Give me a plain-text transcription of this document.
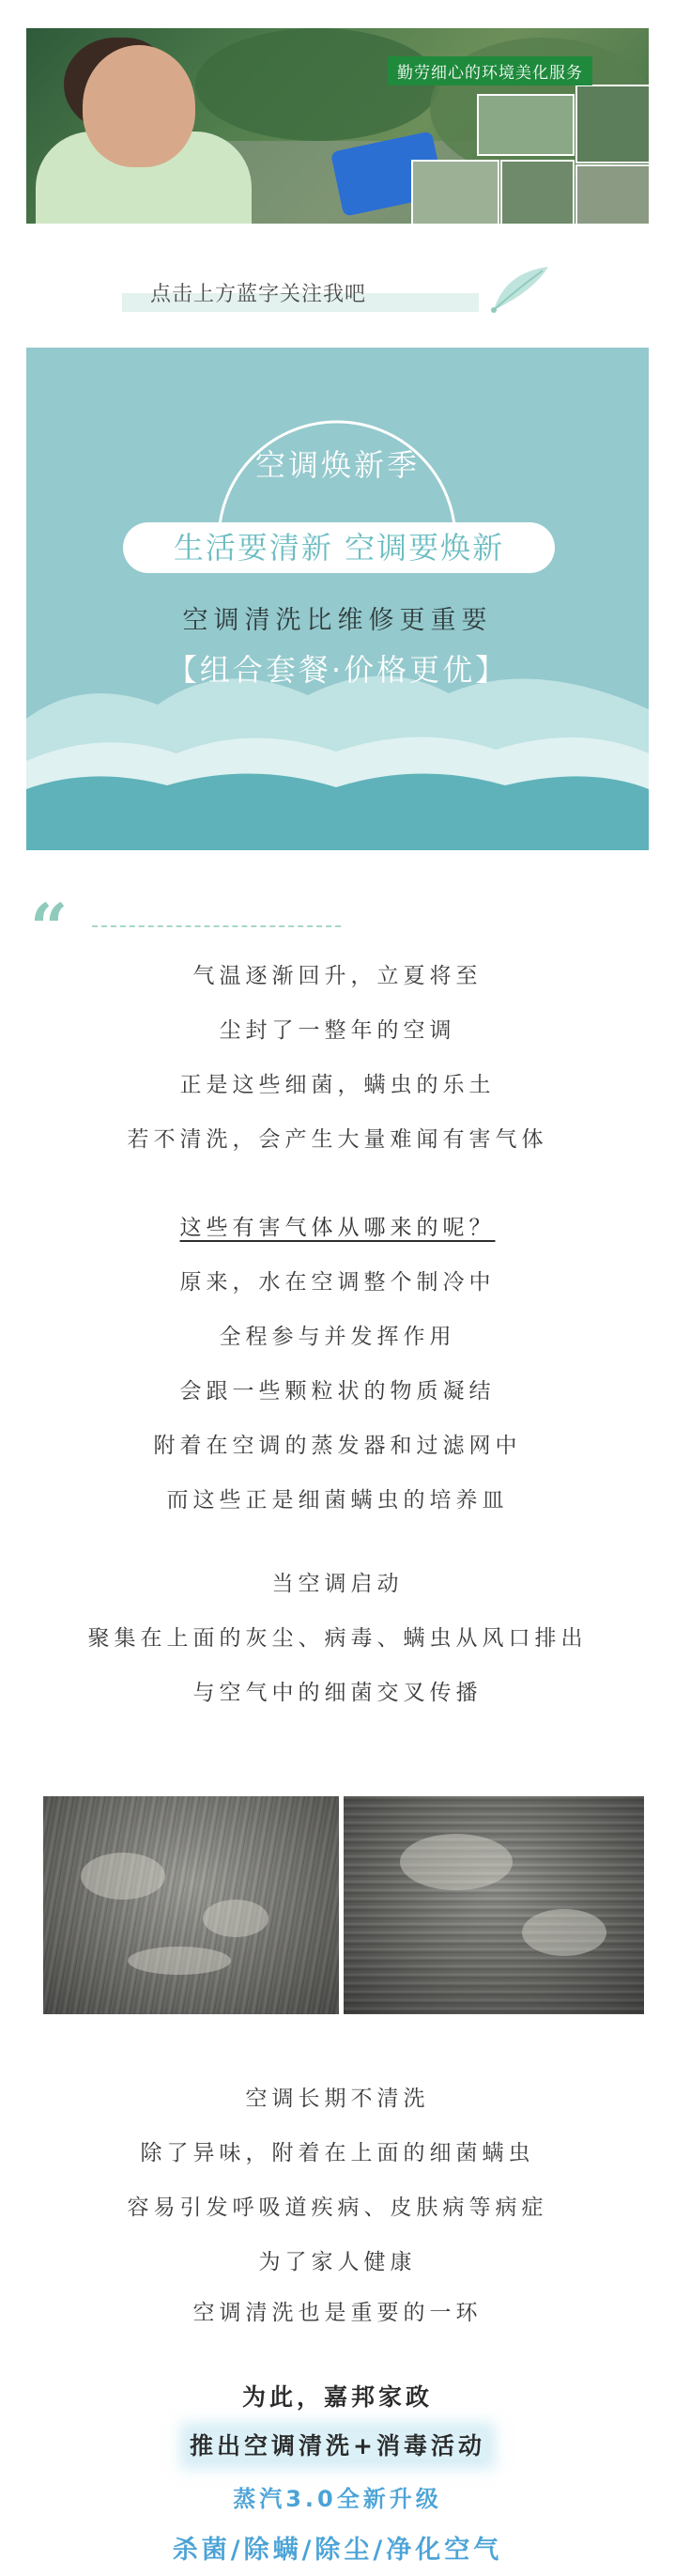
勤劳细心的环境美化服务
点击上方蓝字关注我吧
空调焕新季
生活要清新 空调要焕新
空调清洗比维修更重要
【组合套餐·价格更优】
“
气温逐渐回升，立夏将至
尘封了一整年的空调
正是这些细菌，螨虫的乐土
若不清洗，会产生大量难闻有害气体
这些有害气体从哪来的呢？
原来，水在空调整个制冷中
全程参与并发挥作用
会跟一些颗粒状的物质凝结
附着在空调的蒸发器和过滤网中
而这些正是细菌螨虫的培养皿
当空调启动
聚集在上面的灰尘、病毒、螨虫从风口排出
与空气中的细菌交叉传播
空调长期不清洗
除了异味，附着在上面的细菌螨虫
容易引发呼吸道疾病、皮肤病等病症
为了家人健康
空调清洗也是重要的一环
为此，嘉邦家政
推出空调清洗+消毒活动
蒸汽3.0全新升级
杀菌/除螨/除尘/净化空气
